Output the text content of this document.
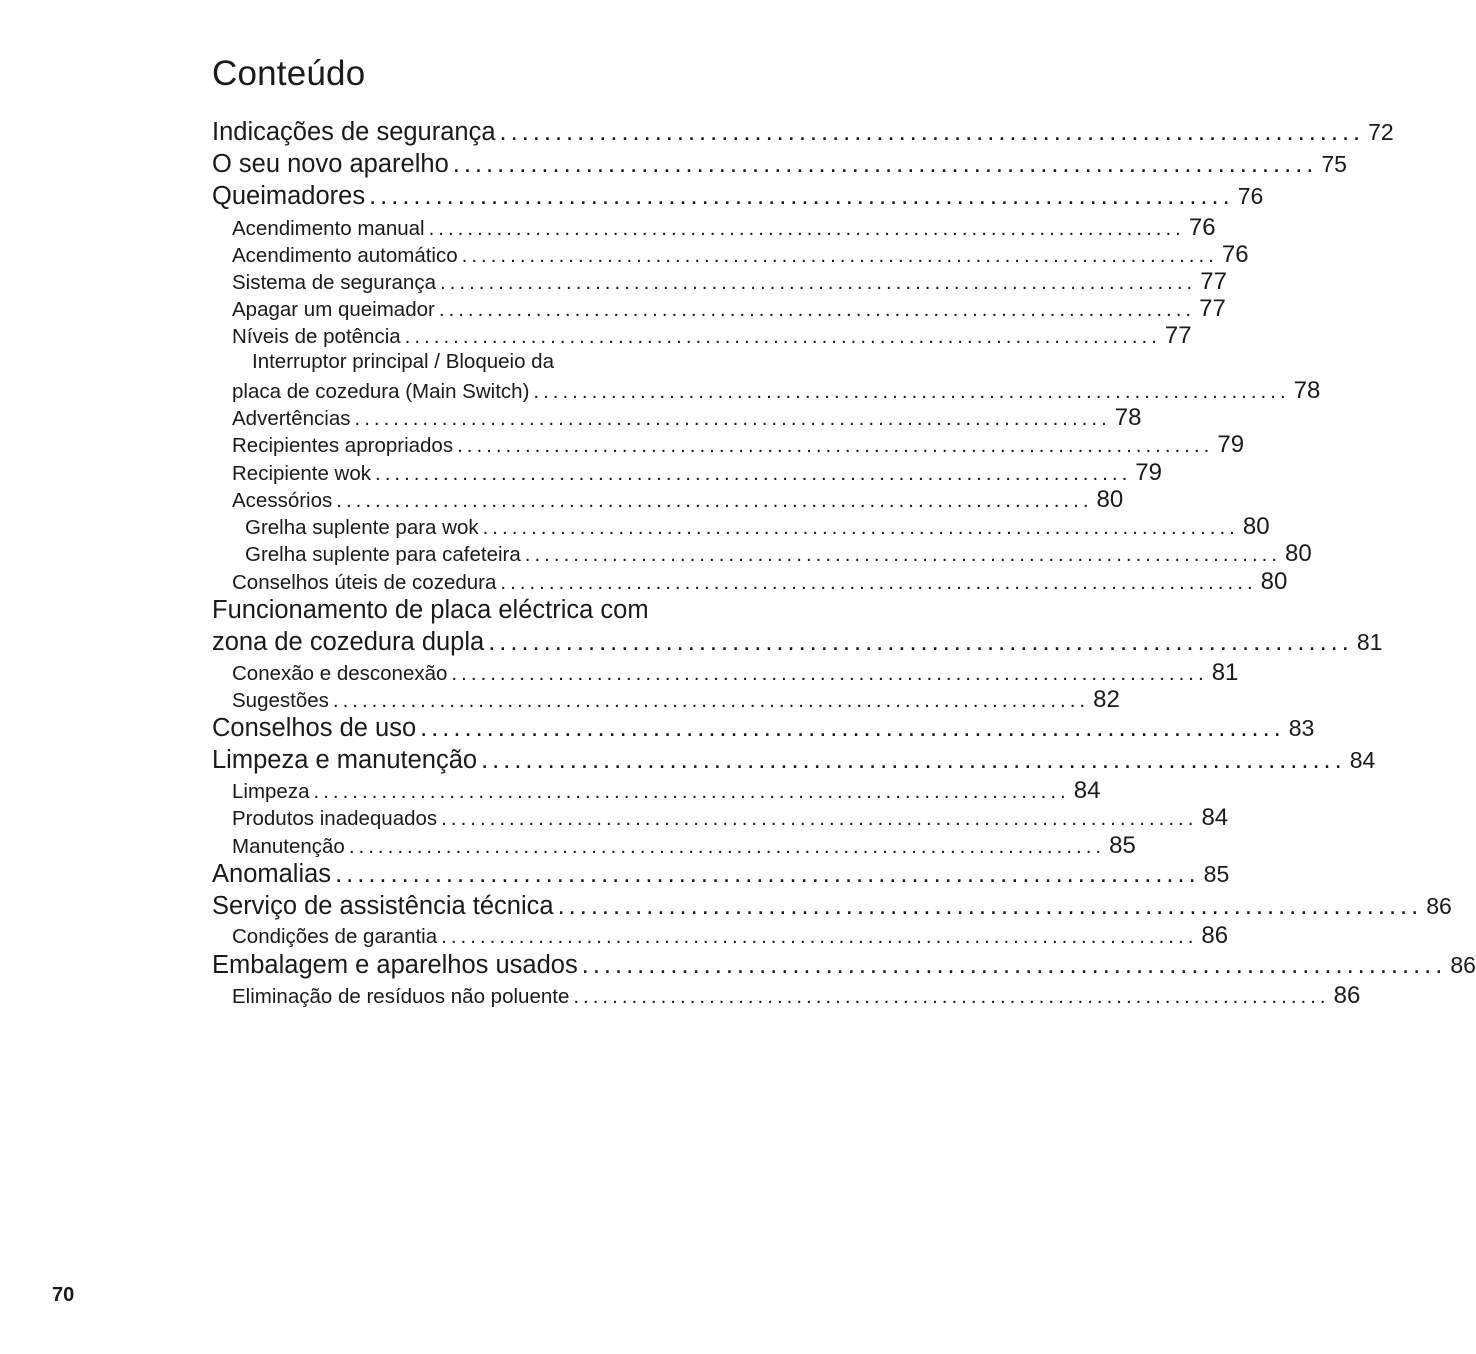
Conteúdo
Indicações de segurança .............................................................................. 72
O seu novo aparelho .............................................................................. 75
Queimadores .............................................................................. 76
Acendimento manual .............................................................................. 76
Acendimento automático .............................................................................. 76
Sistema de segurança .............................................................................. 77
Apagar um queimador .............................................................................. 77
Níveis de potência .............................................................................. 77
Interruptor principal / Bloqueio da
placa de cozedura (Main Switch) .............................................................................. 78
Advertências .............................................................................. 78
Recipientes apropriados .............................................................................. 79
Recipiente wok .............................................................................. 79
Acessórios .............................................................................. 80
Grelha suplente para wok .............................................................................. 80
Grelha suplente para cafeteira .............................................................................. 80
Conselhos úteis de cozedura .............................................................................. 80
Funcionamento de placa eléctrica com
zona de cozedura dupla .............................................................................. 81
Conexão e desconexão .............................................................................. 81
Sugestões .............................................................................. 82
Conselhos de uso .............................................................................. 83
Limpeza e manutenção .............................................................................. 84
Limpeza .............................................................................. 84
Produtos inadequados .............................................................................. 84
Manutenção .............................................................................. 85
Anomalias .............................................................................. 85
Serviço de assistência técnica .............................................................................. 86
Condições de garantia .............................................................................. 86
Embalagem e aparelhos usados .............................................................................. 86
Eliminação de resíduos não poluente .............................................................................. 86
70
